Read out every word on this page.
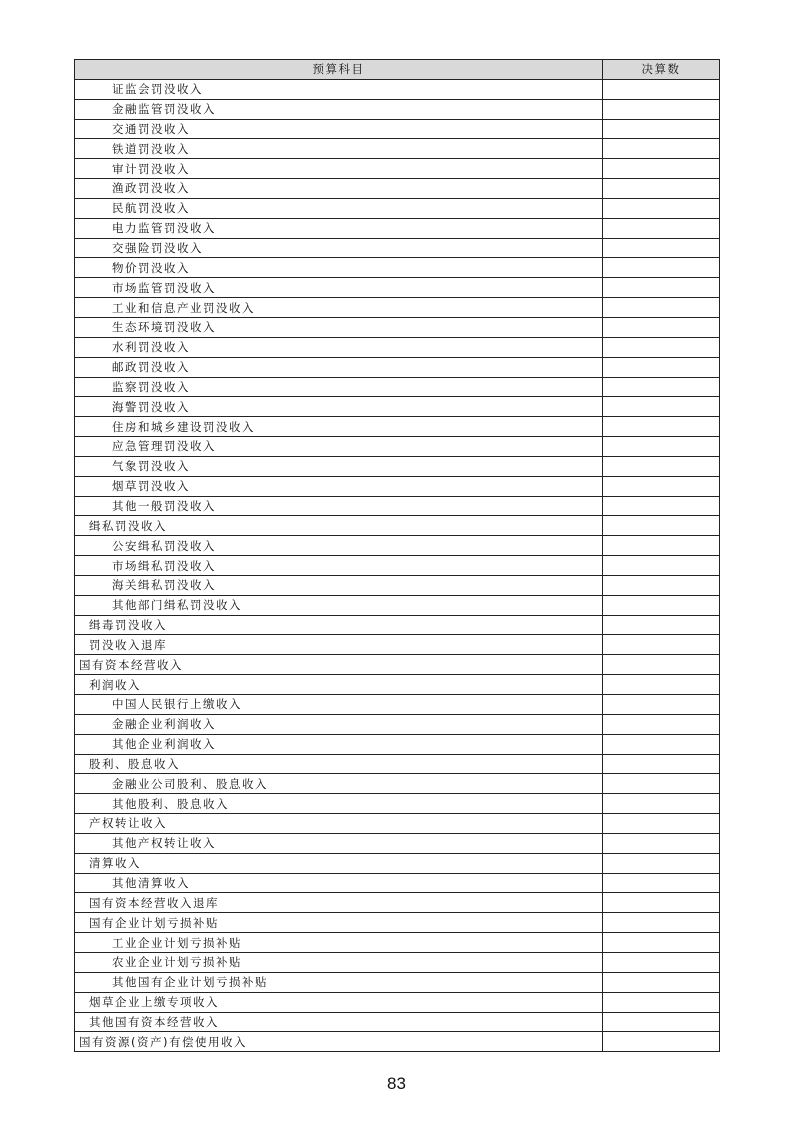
预算科目	决算数
证监会罚没收入	
金融监管罚没收入	
交通罚没收入	
铁道罚没收入	
审计罚没收入	
渔政罚没收入	
民航罚没收入	
电力监管罚没收入	
交强险罚没收入	
物价罚没收入	
市场监管罚没收入	
工业和信息产业罚没收入	
生态环境罚没收入	
水利罚没收入	
邮政罚没收入	
监察罚没收入	
海警罚没收入	
住房和城乡建设罚没收入	
应急管理罚没收入	
气象罚没收入	
烟草罚没收入	
其他一般罚没收入	
缉私罚没收入	
公安缉私罚没收入	
市场缉私罚没收入	
海关缉私罚没收入	
其他部门缉私罚没收入	
缉毒罚没收入	
罚没收入退库	
国有资本经营收入	
利润收入	
中国人民银行上缴收入	
金融企业利润收入	
其他企业利润收入	
股利、股息收入	
金融业公司股利、股息收入	
其他股利、股息收入	
产权转让收入	
其他产权转让收入	
清算收入	
其他清算收入	
国有资本经营收入退库	
国有企业计划亏损补贴	
工业企业计划亏损补贴	
农业企业计划亏损补贴	
其他国有企业计划亏损补贴	
烟草企业上缴专项收入	
其他国有资本经营收入	
国有资源(资产)有偿使用收入	
83
